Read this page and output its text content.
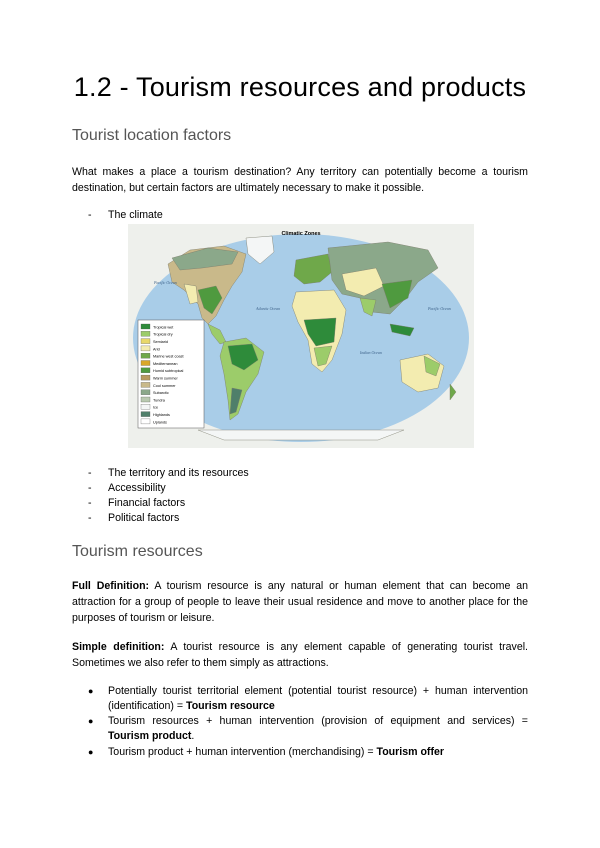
1.2 - Tourism resources and products
Tourist location factors

What makes a place a tourism destination? Any territory can potentially become a tourism destination, but certain factors are ultimately necessary to make it possible.

- The climate
Climatic Zones
Pacific Ocean
Atlantic Ocean
Indian Ocean
Pacific Ocean
Tropical wet
Tropical dry
Semiarid
Arid
Marine west coast
Mediterranean
Humid subtropical
Warm summer
Cool summer
Subarctic
Tundra
Ice
Highlands
Uplands
- The territory and its resources
- Accessibility
- Financial factors
- Political factors
Tourism resources

Full Definition: A tourism resource is any natural or human element that can become an attraction for a group of people to leave their usual residence and move to another place for the purposes of tourism or leisure.

Simple definition: A tourist resource is any element capable of generating tourist travel. Sometimes we also refer to them simply as attractions.

● Potentially tourist territorial element (potential tourist resource) + human intervention (identification) = Tourism resource
● Tourism resources + human intervention (provision of equipment and services) = Tourism product.
● Tourism product + human intervention (merchandising) = Tourism offer
